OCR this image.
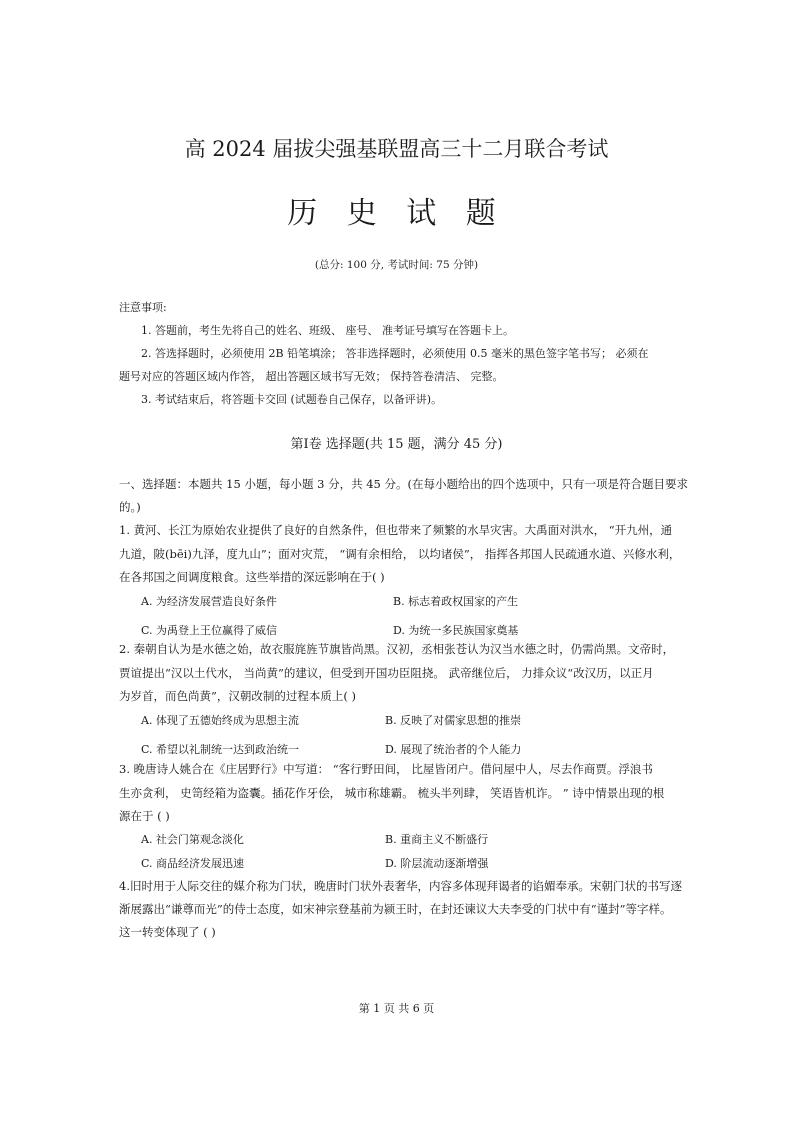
高 2024 届拔尖强基联盟高三十二月联合考试
历 史 试 题
(总分: 100 分, 考试时间: 75 分钟)
注意事项:
1. 答题前，考生先将自己的姓名、班级、 座号、 准考证号填写在答题卡上。
2. 答选择题时，必须使用 2B 铅笔填涂； 答非选择题时，必须使用 0.5 毫米的黑色签字笔书写； 必须在
题号对应的答题区域内作答， 超出答题区域书写无效； 保持答卷清洁、 完整。
3. 考试结束后，将答题卡交回 (试题卷自己保存，以备评讲)。
第Ⅰ卷 选择题(共 15 题，满分 45 分)
一、选择题：本题共 15 小题，每小题 3 分，共 45 分。(在每小题给出的四个选项中，只有一项是符合题目要求
的。)
1. 黄河、长江为原始农业提供了良好的自然条件，但也带来了频繁的水旱灾害。大禹面对洪水， “开九州，通
九道，陂(bēi)九泽，度九山”；面对灾荒， “调有余相给， 以均诸侯”， 指挥各邦国人民疏通水道、兴修水利，
在各邦国之间调度粮食。这些举措的深远影响在于( )
A. 为经济发展营造良好条件	B. 标志着政权国家的产生
C. 为禹登上王位赢得了威信	D. 为统一多民族国家奠基
2. 秦朝自认为是水德之始，故衣服旄旌节旗皆尚黑。汉初，丞相张苍认为汉当水德之时，仍需尚黑。文帝时，
贾谊提出“汉以土代水， 当尚黄”的建议，但受到开国功臣阻挠。 武帝继位后， 力排众议“改汉历，以正月
为岁首，而色尚黄”，汉朝改制的过程本质上( )
A. 体现了五德始终成为思想主流	B. 反映了对儒家思想的推崇
C. 希望以礼制统一达到政治统一	D. 展现了统治者的个人能力
3. 晚唐诗人姚合在《庄居野行》中写道： “客行野田间， 比屋皆闭户。借问屋中人，尽去作商贾。浮浪书
生亦贪利， 史笥经箱为盗囊。插花作牙侩， 城市称雄霸。 梳头半列肆， 笑语皆机诈。 ” 诗中情景出现的根
源在于 ( )
A. 社会门第观念淡化	B. 重商主义不断盛行
C. 商品经济发展迅速	D. 阶层流动逐渐增强
4.旧时用于人际交往的媒介称为门状，晚唐时门状外表奢华，内容多体现拜谒者的谄媚奉承。宋朝门状的书写逐
渐展露出“谦尊而光”的侍士态度，如宋神宗登基前为颍王时，在封还谏议大夫李受的门状中有“谨封”等字样。
这一转变体现了 ( )
第 1 页 共 6 页
